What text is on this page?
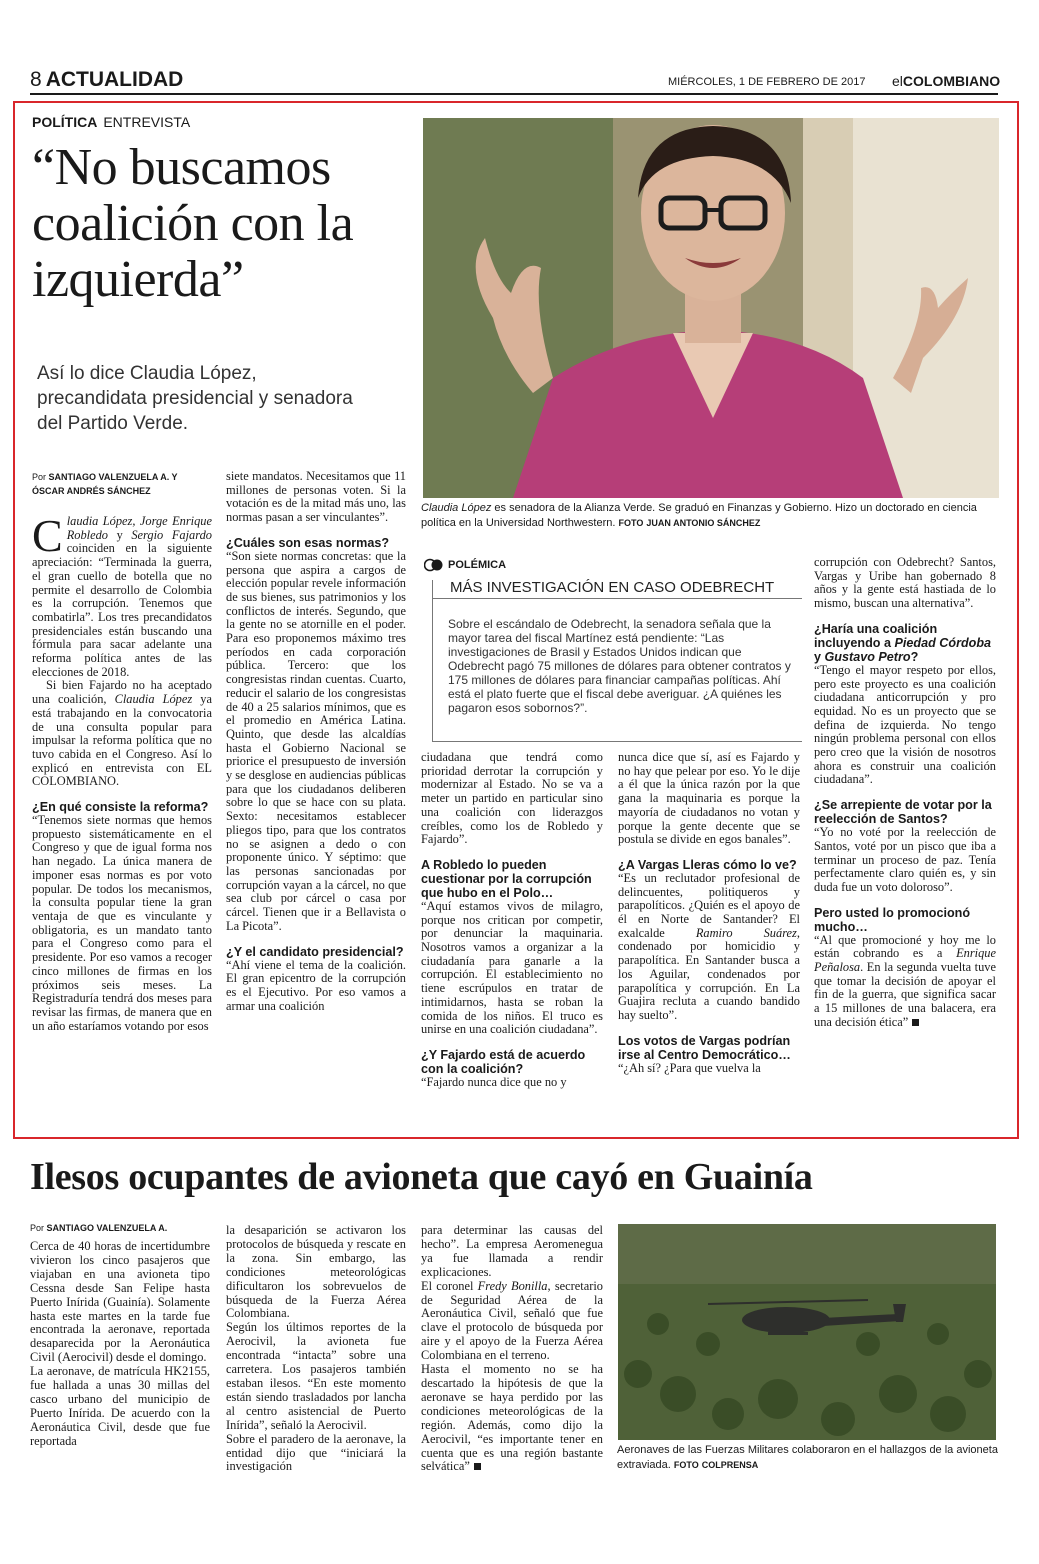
8 ACTUALIDAD	MIÉRCOLES, 1 DE FEBRERO DE 2017 elCOLOMBIANO
POLÍTICA ENTREVISTA
“No buscamos coalición con la izquierda”
Así lo dice Claudia López, precandidata presidencial y senadora del Partido Verde.
Claudia López es senadora de la Alianza Verde. Se graduó en Finanzas y Gobierno. Hizo un doctorado en ciencia política en la Universidad Northwestern. FOTO JUAN ANTONIO SÁNCHEZ
Por SANTIAGO VALENZUELA A. Y ÓSCAR ANDRÉS SÁNCHEZ

Claudia López, Jorge Enrique Robledo y Sergio Fajardo coinciden en la siguiente apreciación: “Terminada la guerra, el gran cuello de botella que no permite el desarrollo de Colombia es la corrupción. Tenemos que combatirla”. Los tres precandidatos presidenciales están buscando una fórmula para sacar adelante una reforma política antes de las elecciones de 2018.

Si bien Fajardo no ha aceptado una coalición, Claudia López ya está trabajando en la convocatoria de una consulta popular para impulsar la reforma política que no tuvo cabida en el Congreso. Así lo explicó en entrevista con EL COLOMBIANO.

¿En qué consiste la reforma?

“Tenemos siete normas que hemos propuesto sistemáticamente en el Congreso y que de igual forma nos han negado. La única manera de imponer esas normas es por voto popular. De todos los mecanismos, la consulta popular tiene la gran ventaja de que es vinculante y obligatoria, es un mandato tanto para el Congreso como para el presidente. Por eso vamos a recoger cinco millones de firmas en los próximos seis meses. La Registraduría tendrá dos meses para revisar las firmas, de manera que en un año estaríamos votando por esos

siete mandatos. Necesitamos que 11 millones de personas voten. Si la votación es de la mitad más uno, las normas pasan a ser vinculantes”.

¿Cuáles son esas normas?

“Son siete normas concretas: que la persona que aspira a cargos de elección popular revele información de sus bienes, sus patrimonios y los conflictos de interés. Segundo, que la gente no se atornille en el poder. Para eso proponemos máximo tres períodos en cada corporación pública. Tercero: que los congresistas rindan cuentas. Cuarto, reducir el salario de los congresistas de 40 a 25 salarios mínimos, que es el promedio en América Latina. Quinto, que desde las alcaldías hasta el Gobierno Nacional se priorice el presupuesto de inversión y se desglose en audiencias públicas para que los ciudadanos deliberen sobre lo que se hace con su plata. Sexto: necesitamos establecer pliegos tipo, para que los contratos no se asignen a dedo o con proponente único. Y séptimo: que las personas sancionadas por corrupción vayan a la cárcel, no que sea club por cárcel o casa por cárcel. Tienen que ir a Bellavista o La Picota”.

¿Y el candidato presidencial?

“Ahí viene el tema de la coalición. El gran epicentro de la corrupción es el Ejecutivo. Por eso vamos a armar una coalición

POLÉMICA
MÁS INVESTIGACIÓN EN CASO ODEBRECHT
Sobre el escándalo de Odebrecht, la senadora señala que la mayor tarea del fiscal Martínez está pendiente: “Las investigaciones de Brasil y Estados Unidos indican que Odebrecht pagó 75 millones de dólares para obtener contratos y 175 millones de dólares para financiar campañas políticas. Ahí está el plato fuerte que el fiscal debe averiguar. ¿A quiénes les pagaron esos sobornos?”.

ciudadana que tendrá como prioridad derrotar la corrupción y modernizar al Estado. No se va a meter un partido en particular sino una coalición con liderazgos creíbles, como los de Robledo y Fajardo”.

A Robledo lo pueden cuestionar por la corrupción que hubo en el Polo…

“Aquí estamos vivos de milagro, porque nos critican por competir, por denunciar la maquinaria. Nosotros vamos a organizar a la ciudadanía para ganarle a la corrupción. El establecimiento no tiene escrúpulos en tratar de intimidarnos, hasta se roban la comida de los niños. El truco es unirse en una coalición ciudadana”.

¿Y Fajardo está de acuerdo con la coalición?

“Fajardo nunca dice que no y

nunca dice que sí, así es Fajardo y no hay que pelear por eso. Yo le dije a él que la única razón por la que gana la maquinaria es porque la mayoría de ciudadanos no votan y porque la gente decente que se postula se divide en egos banales”.

¿A Vargas Lleras cómo lo ve?

“Es un reclutador profesional de delincuentes, politiqueros y parapolíticos. ¿Quién es el apoyo de él en Norte de Santander? El exalcalde Ramiro Suárez, condenado por homicidio y parapolítica. En Santander busca a los Aguilar, condenados por parapolítica y corrupción. En La Guajira recluta a cuando bandido hay suelto”.

Los votos de Vargas podrían irse al Centro Democrático…

“¿Ah sí? ¿Para que vuelva la

corrupción con Odebrecht? Santos, Vargas y Uribe han gobernado 8 años y la gente está hastiada de lo mismo, buscan una alternativa”.

¿Haría una coalición incluyendo a Piedad Córdoba y Gustavo Petro?

“Tengo el mayor respeto por ellos, pero este proyecto es una coalición ciudadana anticorrupción y pro equidad. No es un proyecto que se defina de izquierda. No tengo ningún problema personal con ellos pero creo que la visión de nosotros ahora es construir una coalición ciudadana”.

¿Se arrepiente de votar por la reelección de Santos?

“Yo no voté por la reelección de Santos, voté por un pisco que iba a terminar un proceso de paz. Tenía perfectamente claro quién es, y sin duda fue un voto doloroso”.

Pero usted lo promocionó mucho…

“Al que promocioné y hoy me lo están cobrando es a Enrique Peñalosa. En la segunda vuelta tuve que tomar la decisión de apoyar el fin de la guerra, que significa sacar a 15 millones de una balacera, era una decisión ética”

Ilesos ocupantes de avioneta que cayó en Guainía
Por SANTIAGO VALENZUELA A.

Cerca de 40 horas de incertidumbre vivieron los cinco pasajeros que viajaban en una avioneta tipo Cessna desde San Felipe hasta Puerto Inírida (Guainía). Solamente hasta este martes en la tarde fue encontrada la aeronave, reportada desaparecida por la Aeronáutica Civil (Aerocivil) desde el domingo.

La aeronave, de matrícula HK2155, fue hallada a unas 30 millas del casco urbano del municipio de Puerto Inírida. De acuerdo con la Aeronáutica Civil, desde que fue reportada

la desaparición se activaron los protocolos de búsqueda y rescate en la zona. Sin embargo, las condiciones meteorológicas dificultaron los sobrevuelos de búsqueda de la Fuerza Aérea Colombiana.

Según los últimos reportes de la Aerocivil, la avioneta fue encontrada “intacta” sobre una carretera. Los pasajeros también estaban ilesos. “En este momento están siendo trasladados por lancha al centro asistencial de Puerto Inírida”, señaló la Aerocivil.

Sobre el paradero de la aeronave, la entidad dijo que “iniciará la investigación

para determinar las causas del hecho”. La empresa Aeromenegua ya fue llamada a rendir explicaciones.

El coronel Fredy Bonilla, secretario de Seguridad Aérea de la Aeronáutica Civil, señaló que fue clave el protocolo de búsqueda por aire y el apoyo de la Fuerza Aérea Colombiana en el terreno.

Hasta el momento no se ha descartado la hipótesis de que la aeronave se haya perdido por las condiciones meteorológicas de la región. Además, como dijo la Aerocivil, “es importante tener en cuenta que es una región bastante selvática”

Aeronaves de las Fuerzas Militares colaboraron en el hallazgos de la avioneta extraviada. FOTO COLPRENSA
